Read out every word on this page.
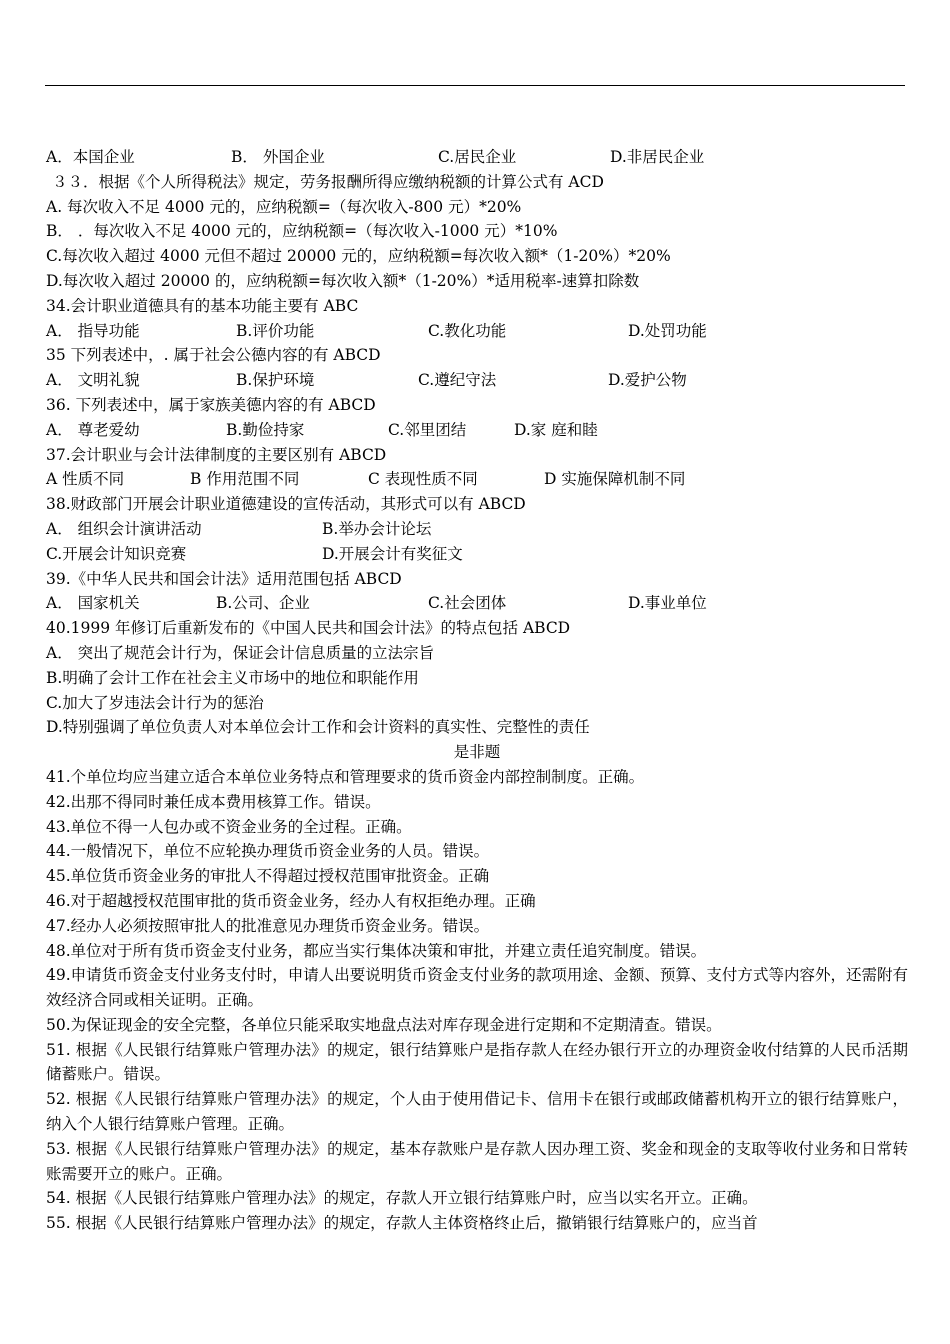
A．本国企业	B． 外国企业	C.居民企业	D.非居民企业
３３．根据《个人所得税法》规定，劳务报酬所得应缴纳税额的计算公式有 ACD
A. 每次收入不足 4000 元的，应纳税额=（每次收入-800 元）*20%
B． ．每次收入不足 4000 元的，应纳税额=（每次收入-1000 元）*10%
C.每次收入超过 4000 元但不超过 20000 元的，应纳税额=每次收入额*（1-20%）*20%
D.每次收入超过 20000 的，应纳税额=每次收入额*（1-20%）*适用税率-速算扣除数
34.会计职业道德具有的基本功能主要有 ABC
A． 指导功能	B.评价功能	C.教化功能	D.处罚功能
35 下列表述中，. 属于社会公德内容的有 ABCD
A． 文明礼貌	B.保护环境	C.遵纪守法	D.爱护公物
36. 下列表述中，属于家族美德内容的有 ABCD
A． 尊老爱幼	B.勤俭持家	C.邻里团结	D.家 庭和睦
37.会计职业与会计法律制度的主要区别有 ABCD
A 性质不同	B 作用范围不同	C 表现性质不同	D 实施保障机制不同
38.财政部门开展会计职业道德建设的宣传活动，其形式可以有 ABCD
A． 组织会计演讲活动	B.举办会计论坛
C.开展会计知识竞赛	D.开展会计有奖征文
39.《中华人民共和国会计法》适用范围包括 ABCD
A． 国家机关	B.公司、企业	C.社会团体	D.事业单位
40.1999 年修订后重新发布的《中国人民共和国会计法》的特点包括 ABCD
A． 突出了规范会计行为，保证会计信息质量的立法宗旨
B.明确了会计工作在社会主义市场中的地位和职能作用
C.加大了岁违法会计行为的惩治
D.特别强调了单位负责人对本单位会计工作和会计资料的真实性、完整性的责任
是非题
41.个单位均应当建立适合本单位业务特点和管理要求的货币资金内部控制制度。正确。
42.出那不得同时兼任成本费用核算工作。错误。
43.单位不得一人包办或不资金业务的全过程。正确。
44.一般情况下，单位不应轮换办理货币资金业务的人员。错误。
45.单位货币资金业务的审批人不得超过授权范围审批资金。正确
46.对于超越授权范围审批的货币资金业务，经办人有权拒绝办理。正确
47.经办人必须按照审批人的批准意见办理货币资金业务。错误。
48.单位对于所有货币资金支付业务，都应当实行集体决策和审批，并建立责任追究制度。错误。
49.申请货币资金支付业务支付时，申请人出要说明货币资金支付业务的款项用途、金额、预算、支付方式等内容外，还需附有效经济合同或相关证明。正确。
50.为保证现金的安全完整，各单位只能采取实地盘点法对库存现金进行定期和不定期清查。错误。
51. 根据《人民银行结算账户管理办法》的规定，银行结算账户是指存款人在经办银行开立的办理资金收付结算的人民币活期储蓄账户。错误。
52. 根据《人民银行结算账户管理办法》的规定，个人由于使用借记卡、信用卡在银行或邮政储蓄机构开立的银行结算账户，纳入个人银行结算账户管理。正确。
53. 根据《人民银行结算账户管理办法》的规定，基本存款账户是存款人因办理工资、奖金和现金的支取等收付业务和日常转账需要开立的账户。正确。
54. 根据《人民银行结算账户管理办法》的规定，存款人开立银行结算账户时，应当以实名开立。正确。
55. 根据《人民银行结算账户管理办法》的规定，存款人主体资格终止后，撤销银行结算账户的，应当首
